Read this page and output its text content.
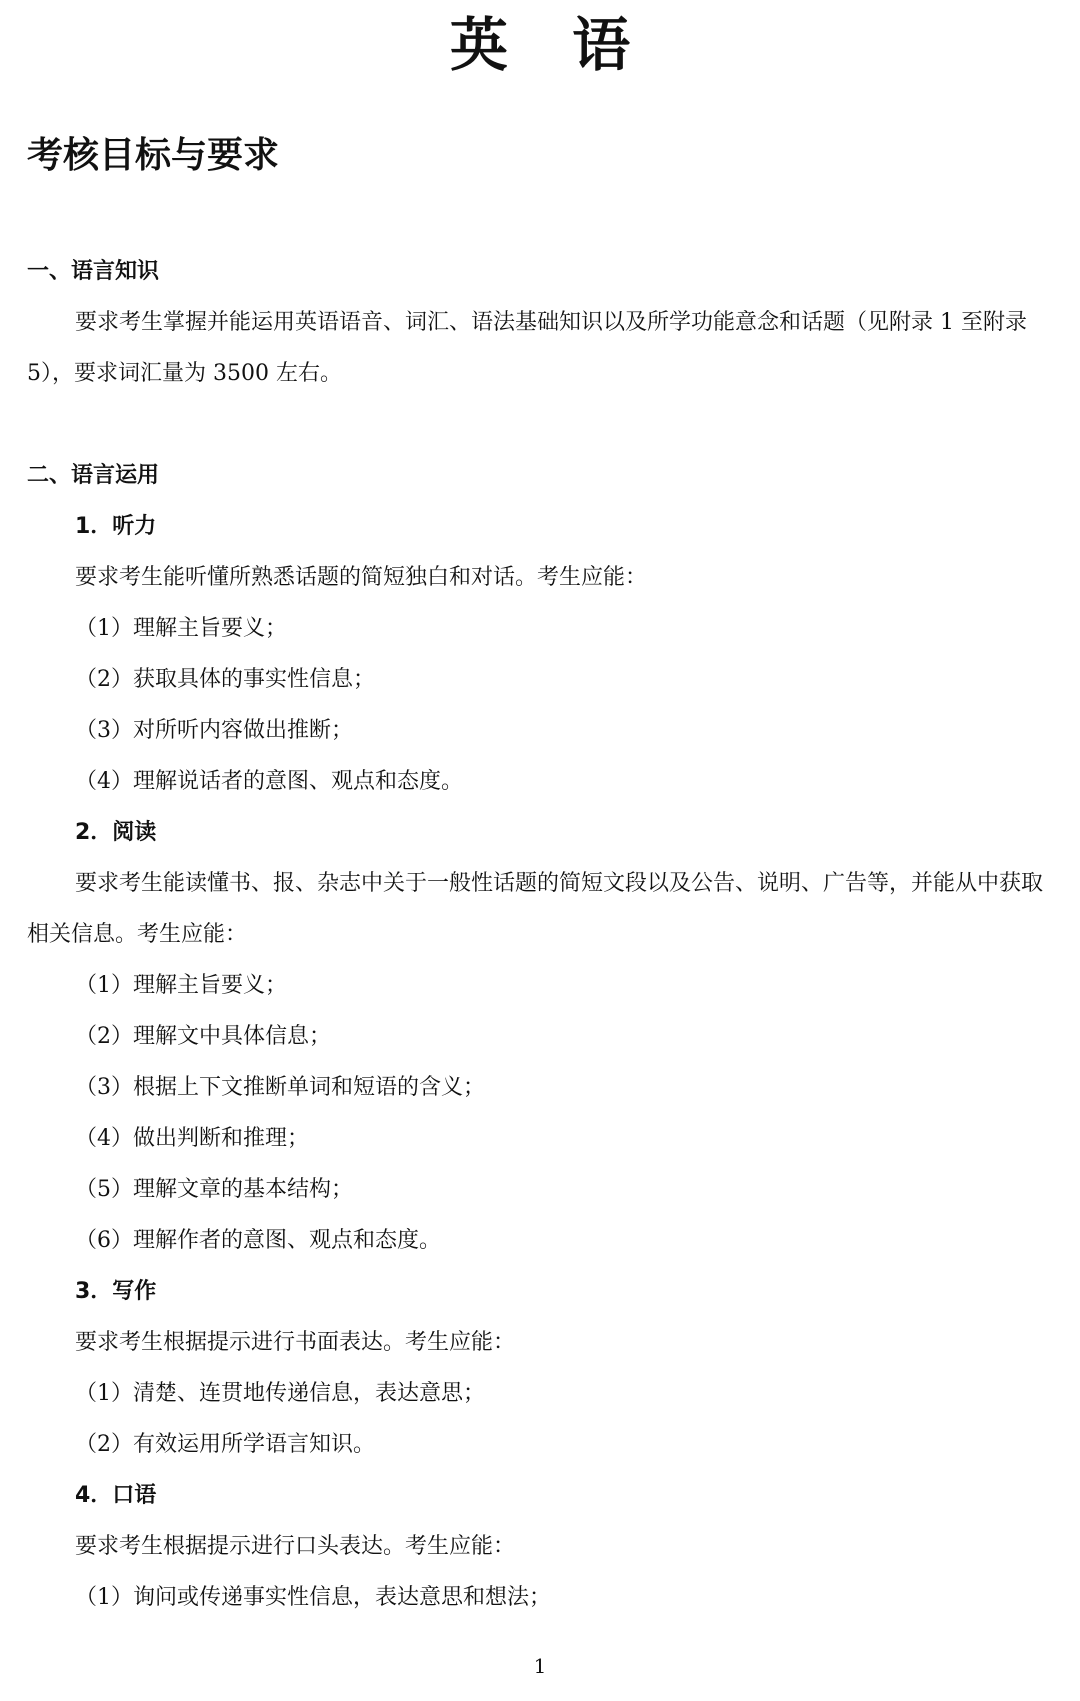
英 语
考核目标与要求
一、语言知识
要求考生掌握并能运用英语语音、词汇、语法基础知识以及所学功能意念和话题（见附录 1 至附录 5），要求词汇量为 3500 左右。
二、语言运用
1．听力
要求考生能听懂所熟悉话题的简短独白和对话。考生应能：
（1）理解主旨要义；
（2）获取具体的事实性信息；
（3）对所听内容做出推断；
（4）理解说话者的意图、观点和态度。
2．阅读
要求考生能读懂书、报、杂志中关于一般性话题的简短文段以及公告、说明、广告等，并能从中获取相关信息。考生应能：
（1）理解主旨要义；
（2）理解文中具体信息；
（3）根据上下文推断单词和短语的含义；
（4）做出判断和推理；
（5）理解文章的基本结构；
（6）理解作者的意图、观点和态度。
3．写作
要求考生根据提示进行书面表达。考生应能：
（1）清楚、连贯地传递信息，表达意思；
（2）有效运用所学语言知识。
4．口语
要求考生根据提示进行口头表达。考生应能：
（1）询问或传递事实性信息，表达意思和想法；
1
